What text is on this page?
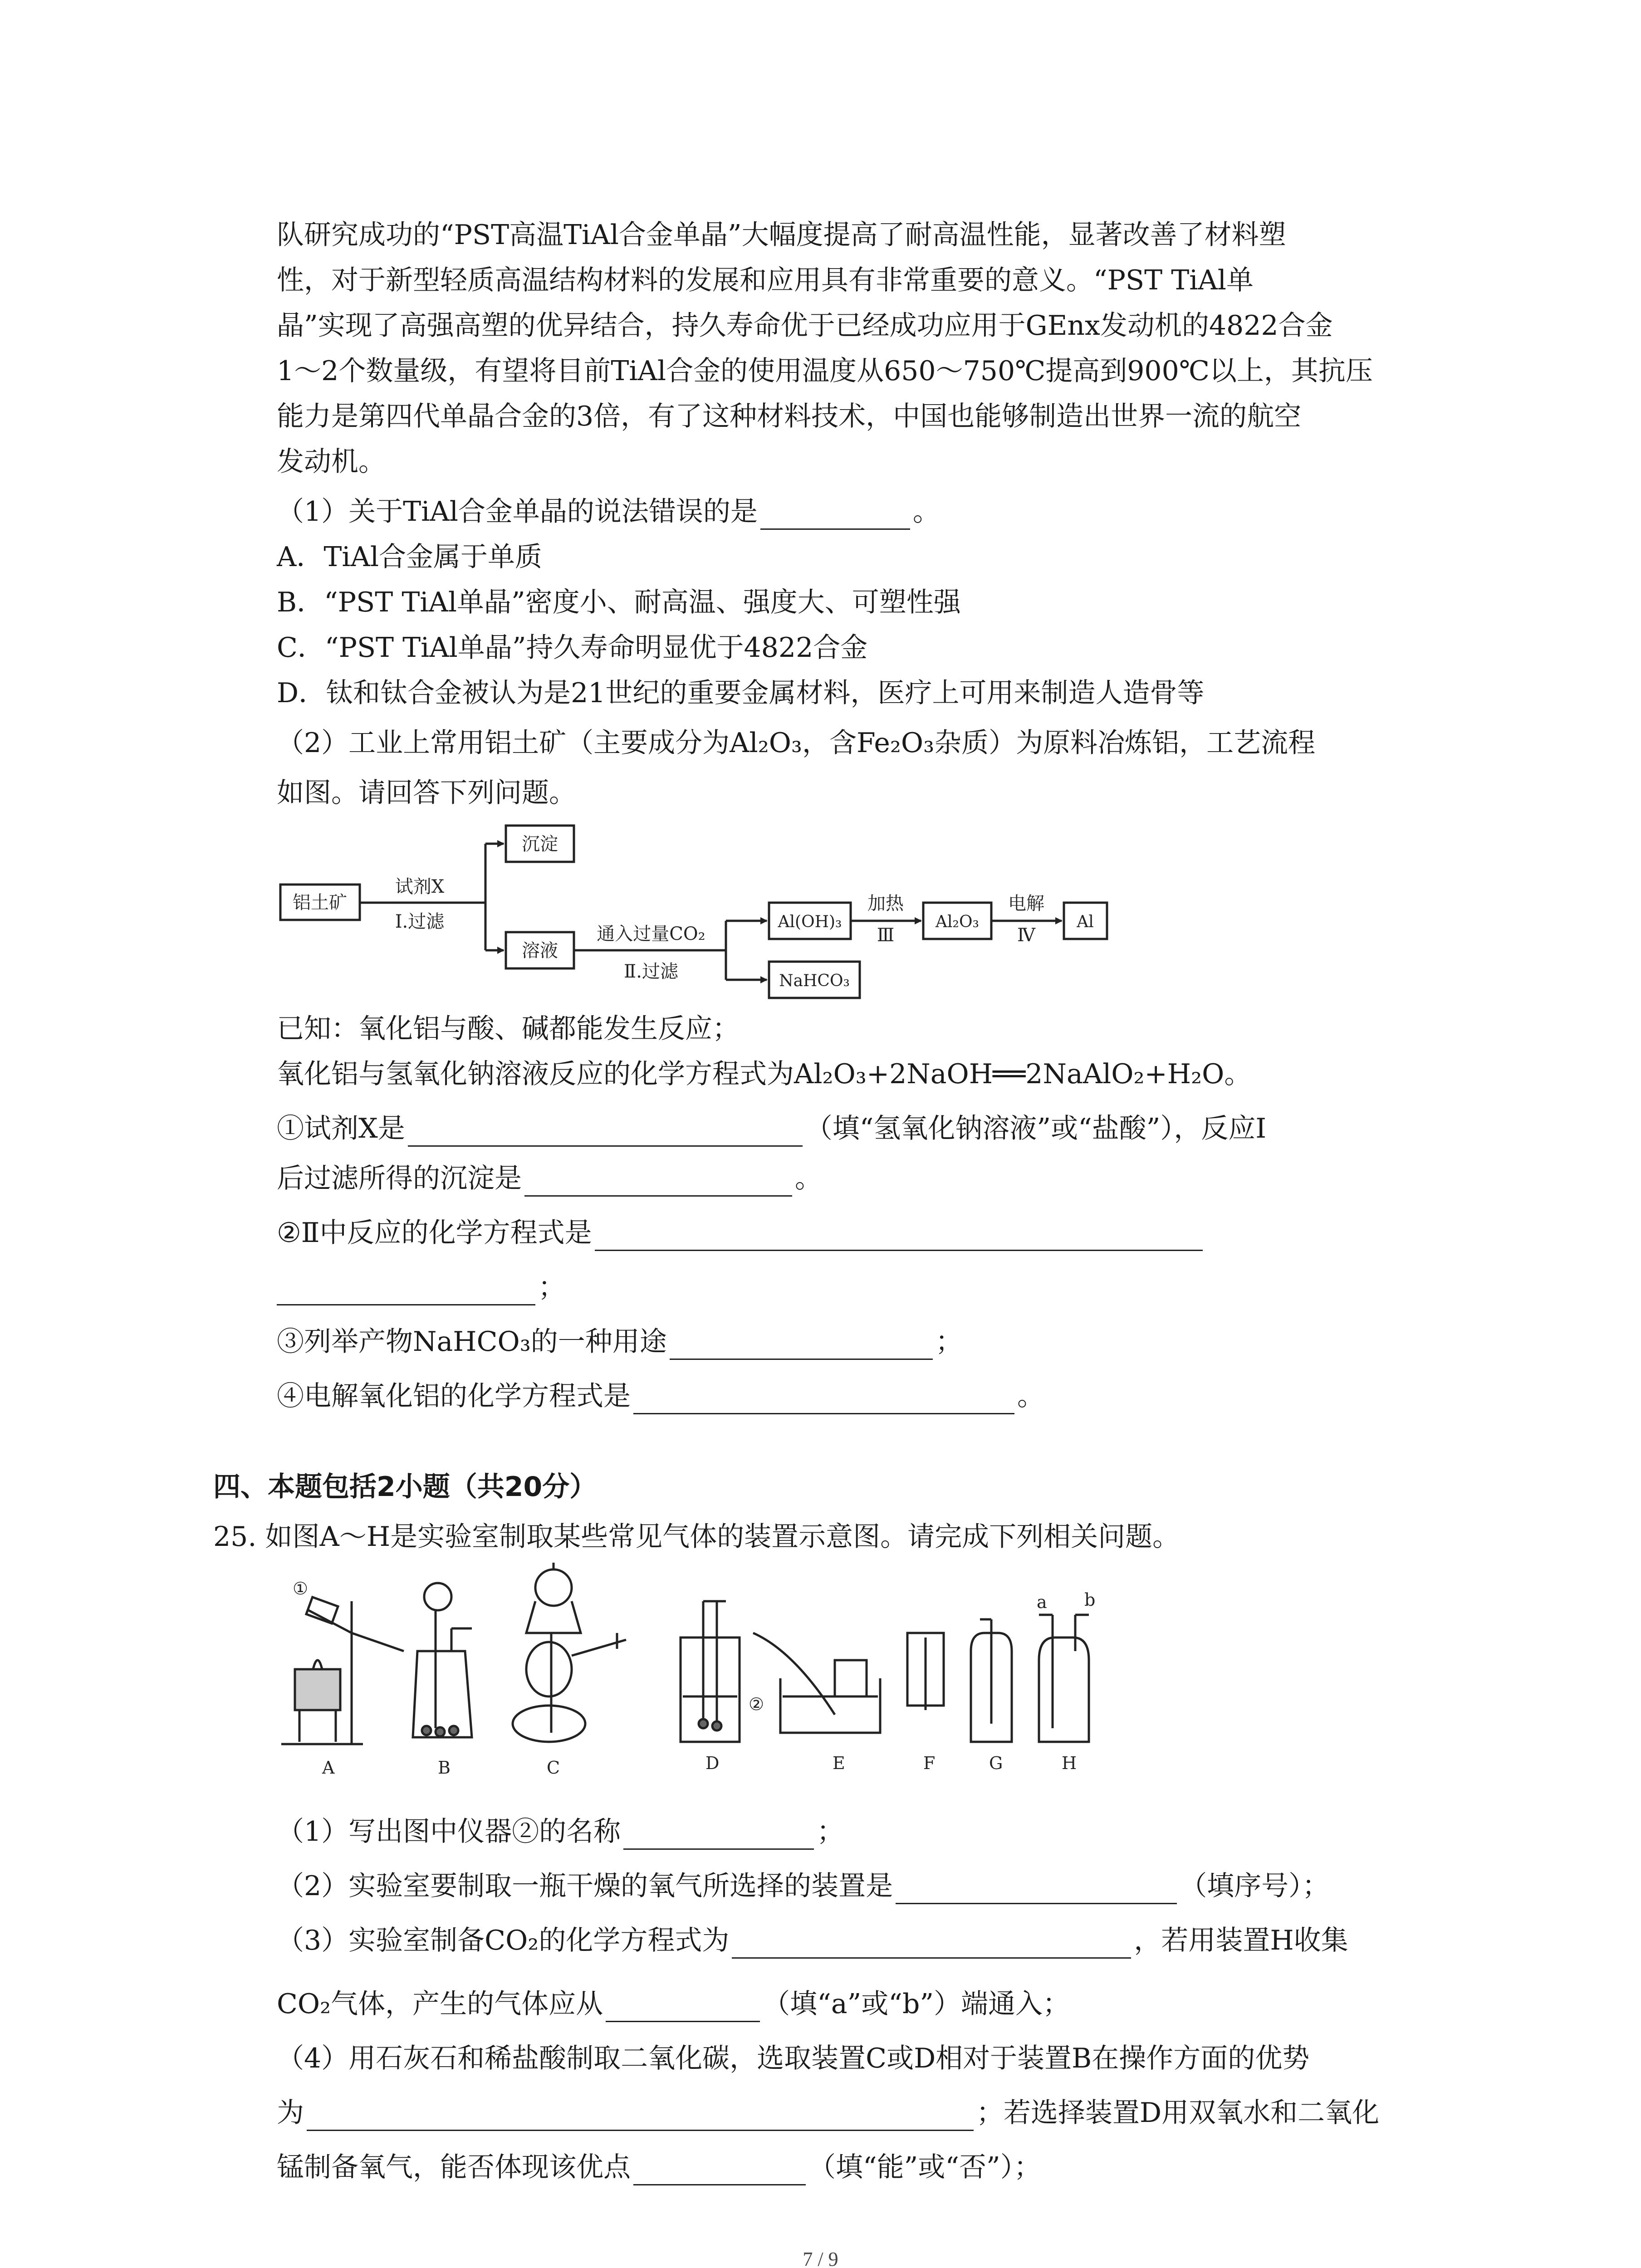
队研究成功的“PST高温TiAl合金单晶”大幅度提高了耐高温性能，显著改善了材料塑
性，对于新型轻质高温结构材料的发展和应用具有非常重要的意义。“PST TiAl单
晶”实现了高强高塑的优异结合，持久寿命优于已经成功应用于GEnx发动机的4822合金
1～2个数量级，有望将目前TiAl合金的使用温度从650～750℃提高到900℃以上，其抗压
能力是第四代单晶合金的3倍，有了这种材料技术，中国也能够制造出世界一流的航空
发动机。
（1）关于TiAl合金单晶的说法错误的是	。
A．TiAl合金属于单质
B．“PST TiAl单晶”密度小、耐高温、强度大、可塑性强
C．“PST TiAl单晶”持久寿命明显优于4822合金
D．钛和钛合金被认为是21世纪的重要金属材料，医疗上可用来制造人造骨等
（2）工业上常用铝土矿（主要成分为Al₂O₃，含Fe₂O₃杂质）为原料冶炼铝，工艺流程
如图。请回答下列问题。
铝土矿
试剂X
Ⅰ.过滤
沉淀
溶液
通入过量CO₂
Ⅱ.过滤
Al(OH)₃
加热
Ⅲ
Al₂O₃
电解
Ⅳ
Al
NaHCO₃
已知：氧化铝与酸、碱都能发生反应；
氧化铝与氢氧化钠溶液反应的化学方程式为Al₂O₃+2NaOH══2NaAlO₂+H₂O。
①试剂X是	（填“氢氧化钠溶液”或“盐酸”），反应Ⅰ
后过滤所得的沉淀是	。
②Ⅱ中反应的化学方程式是
；
③列举产物NaHCO₃的一种用途	；
④电解氧化铝的化学方程式是	。
四、本题包括2小题（共20分）
25. 如图A～H是实验室制取某些常见气体的装置示意图。请完成下列相关问题。
①
②
a b
A	B	C	D	E	F	G	H
（1）写出图中仪器②的名称	；
（2）实验室要制取一瓶干燥的氧气所选择的装置是	（填序号）；
（3）实验室制备CO₂的化学方程式为	，若用装置H收集
CO₂气体，产生的气体应从	（填“a”或“b”）端通入；
（4）用石灰石和稀盐酸制取二氧化碳，选取装置C或D相对于装置B在操作方面的优势
为	；若选择装置D用双氧水和二氧化
锰制备氧气，能否体现该优点	（填“能”或“否”）；
7 / 9
